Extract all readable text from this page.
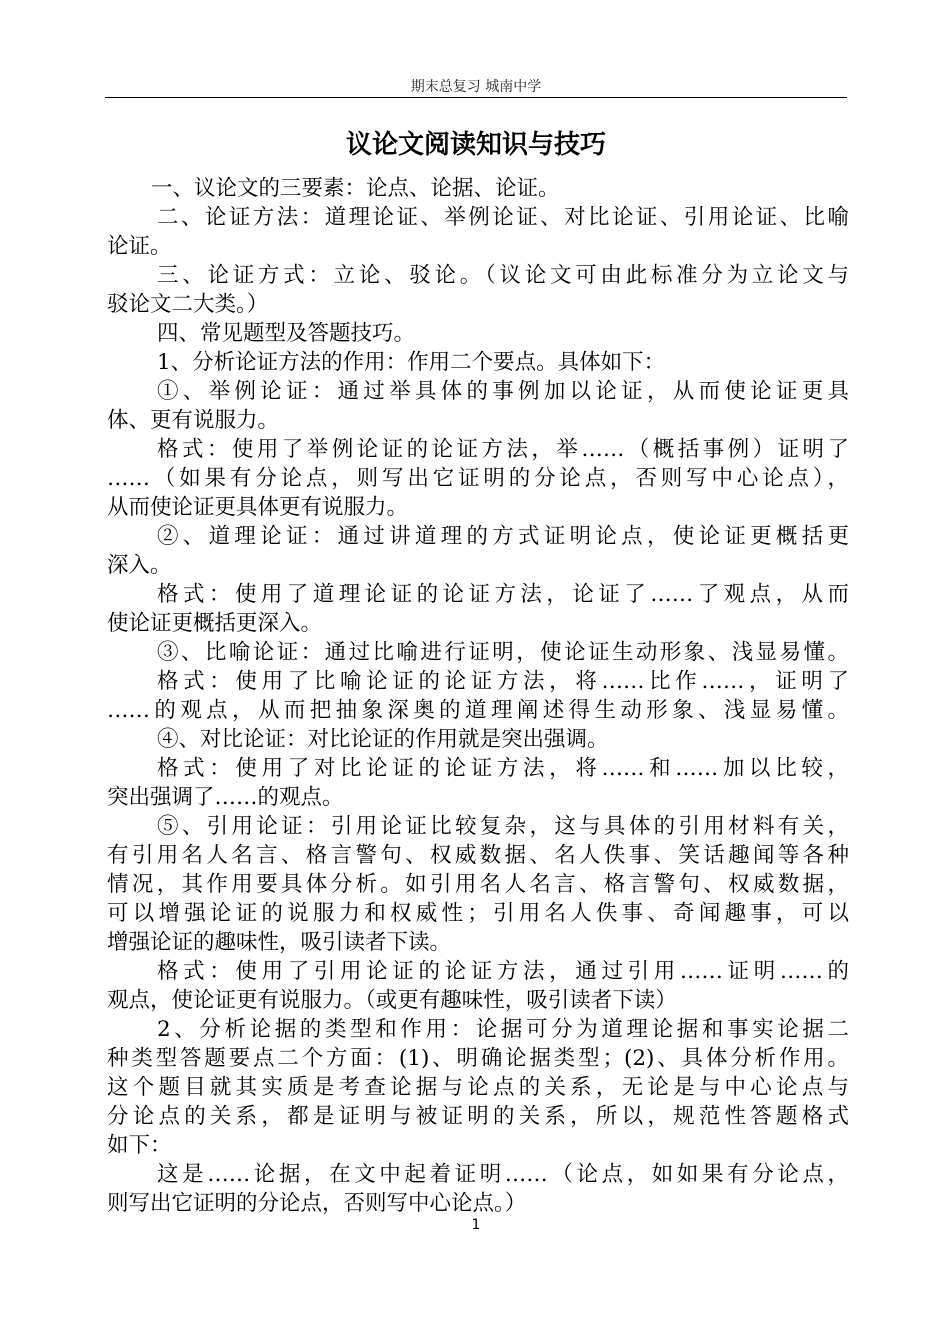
期末总复习 城南中学
议论文阅读知识与技巧
一、议论文的三要素：论点、论据、论证。
二、论证方法：道理论证、举例论证、对比论证、引用论证、比喻
论证。
三、论证方式：立论、驳论。（议论文可由此标准分为立论文与
驳论文二大类。）
四、常见题型及答题技巧。
1、分析论证方法的作用：作用二个要点。具体如下：
①、举例论证：通过举具体的事例加以论证，从而使论证更具
体、更有说服力。
格式：使用了举例论证的论证方法，举……（概括事例）证明了
……（如果有分论点，则写出它证明的分论点，否则写中心论点），
从而使论证更具体更有说服力。
②、道理论证：通过讲道理的方式证明论点，使论证更概括更
深入。
格式：使用了道理论证的论证方法，论证了……了观点，从而
使论证更概括更深入。
③、比喻论证：通过比喻进行证明，使论证生动形象、浅显易懂。
格式：使用了比喻论证的论证方法，将……比作……，证明了
……的观点，从而把抽象深奥的道理阐述得生动形象、浅显易懂。
④、对比论证：对比论证的作用就是突出强调。
格式：使用了对比论证的论证方法，将……和……加以比较，
突出强调了……的观点。
⑤、引用论证：引用论证比较复杂，这与具体的引用材料有关，
有引用名人名言、格言警句、权威数据、名人佚事、笑话趣闻等各种
情况，其作用要具体分析。如引用名人名言、格言警句、权威数据，
可以增强论证的说服力和权威性；引用名人佚事、奇闻趣事，可以
增强论证的趣味性，吸引读者下读。
格式：使用了引用论证的论证方法，通过引用……证明……的
观点，使论证更有说服力。（或更有趣味性，吸引读者下读）
2、分析论据的类型和作用：论据可分为道理论据和事实论据二
种类型答题要点二个方面：(1)、明确论据类型；(2)、具体分析作用。
这个题目就其实质是考查论据与论点的关系，无论是与中心论点与
分论点的关系，都是证明与被证明的关系，所以，规范性答题格式
如下：
这是……论据，在文中起着证明……（论点，如如果有分论点，
则写出它证明的分论点，否则写中心论点。）
1
